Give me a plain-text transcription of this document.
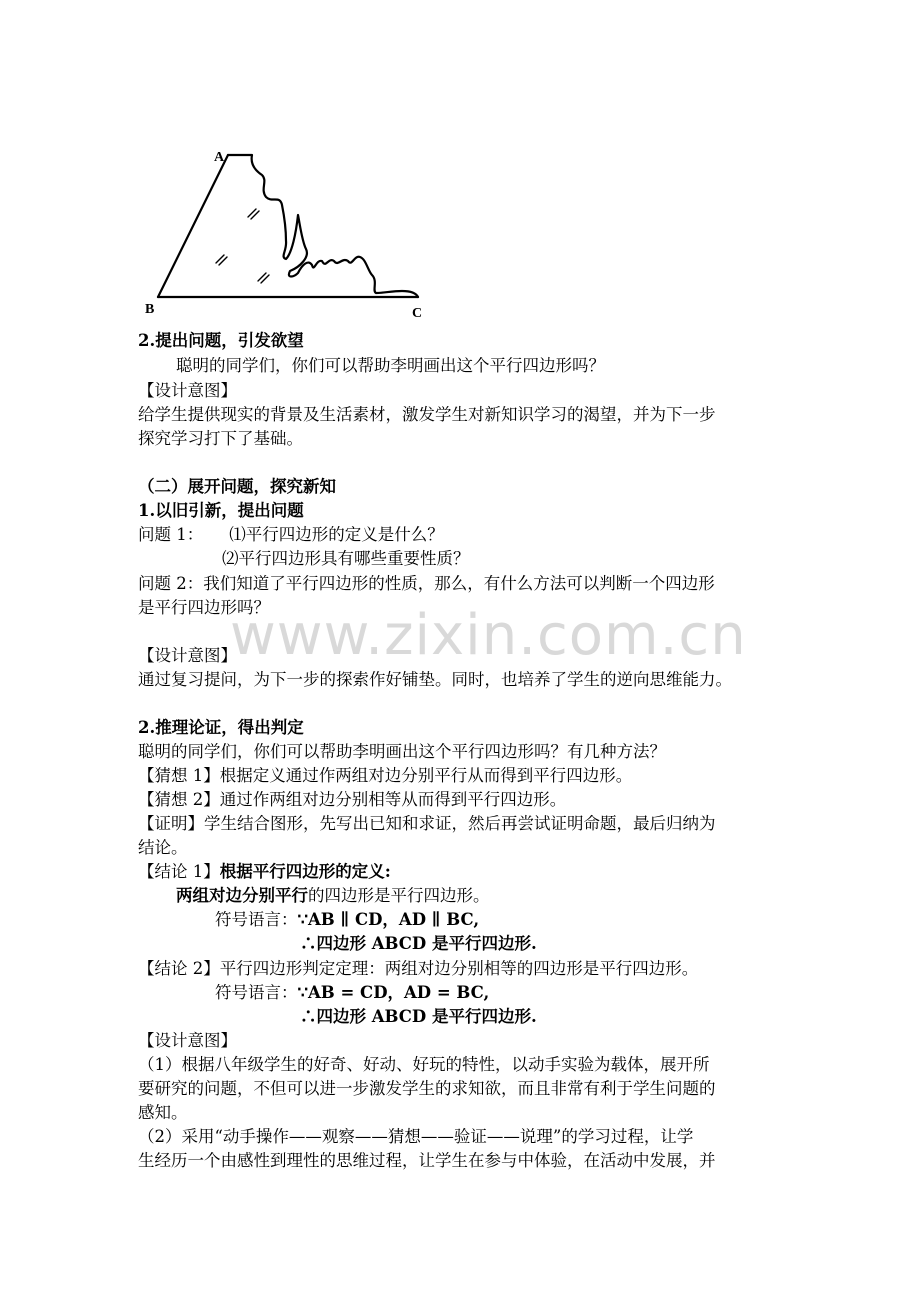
www.zixin.com.cn
A
B	C
2.提出问题，引发欲望
聪明的同学们，你们可以帮助李明画出这个平行四边形吗？
【设计意图】
给学生提供现实的背景及生活素材，激发学生对新知识学习的渴望，并为下一步
探究学习打下了基础。
（二）展开问题，探究新知
1.以旧引新，提出问题
问题 1： ⑴平行四边形的定义是什么？
⑵平行四边形具有哪些重要性质？
问题 2：我们知道了平行四边形的性质，那么，有什么方法可以判断一个四边形
是平行四边形吗？
【设计意图】
通过复习提问，为下一步的探索作好铺垫。同时，也培养了学生的逆向思维能力。
2.推理论证，得出判定
聪明的同学们，你们可以帮助李明画出这个平行四边形吗？有几种方法？
【猜想 1】根据定义通过作两组对边分别平行从而得到平行四边形。
【猜想 2】通过作两组对边分别相等从而得到平行四边形。
【证明】学生结合图形，先写出已知和求证，然后再尝试证明命题，最后归纳为
结论。
【结论 1】根据平行四边形的定义:
两组对边分别平行的四边形是平行四边形。
符号语言：∵AB ∥ CD，AD ∥ BC,
∴四边形 ABCD 是平行四边形.
【结论 2】平行四边形判定定理：两组对边分别相等的四边形是平行四边形。
符号语言：∵AB = CD，AD = BC,
∴四边形 ABCD 是平行四边形.
【设计意图】
（1）根据八年级学生的好奇、好动、好玩的特性，以动手实验为载体，展开所
要研究的问题，不但可以进一步激发学生的求知欲，而且非常有利于学生问题的
感知。
（2）采用“动手操作——观察——猜想——验证——说理”的学习过程，让学
生经历一个由感性到理性的思维过程，让学生在参与中体验，在活动中发展，并
